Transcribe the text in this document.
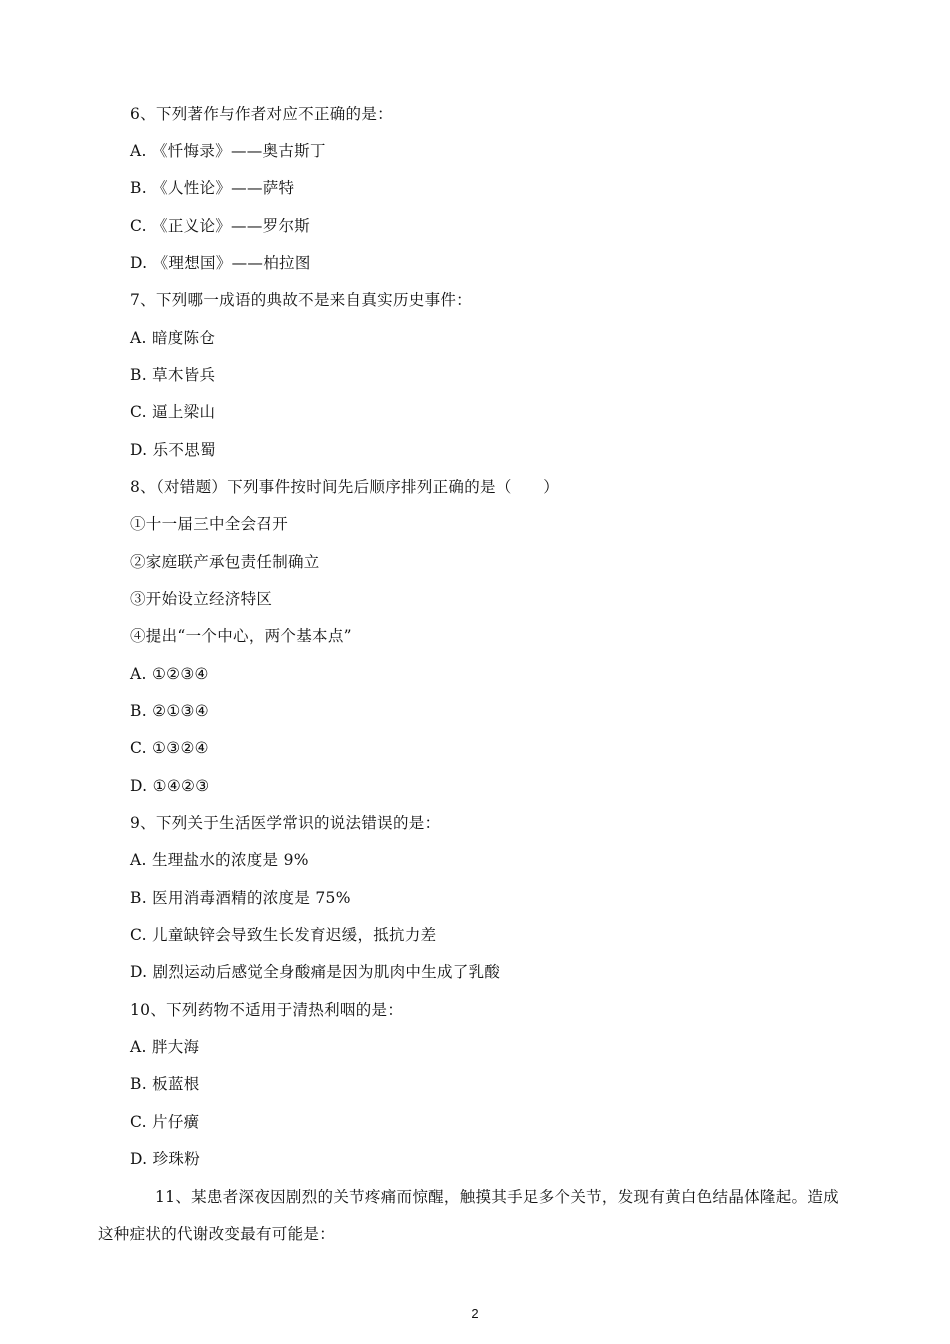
6、下列著作与作者对应不正确的是：
A. 《忏悔录》——奥古斯丁
B. 《人性论》——萨特
C. 《正义论》——罗尔斯
D. 《理想国》——柏拉图
7、下列哪一成语的典故不是来自真实历史事件：
A. 暗度陈仓
B. 草木皆兵
C. 逼上梁山
D. 乐不思蜀
8、（对错题）下列事件按时间先后顺序排列正确的是（　　）
①十一届三中全会召开
②家庭联产承包责任制确立
③开始设立经济特区
④提出“一个中心，两个基本点”
A. ①②③④
B. ②①③④
C. ①③②④
D. ①④②③
9、下列关于生活医学常识的说法错误的是：
A. 生理盐水的浓度是 9%
B. 医用消毒酒精的浓度是 75%
C. 儿童缺锌会导致生长发育迟缓，抵抗力差
D. 剧烈运动后感觉全身酸痛是因为肌肉中生成了乳酸
10、下列药物不适用于清热利咽的是：
A. 胖大海
B. 板蓝根
C. 片仔癀
D. 珍珠粉
11、某患者深夜因剧烈的关节疼痛而惊醒，触摸其手足多个关节，发现有黄白色结晶体隆起。造成
这种症状的代谢改变最有可能是：
2
